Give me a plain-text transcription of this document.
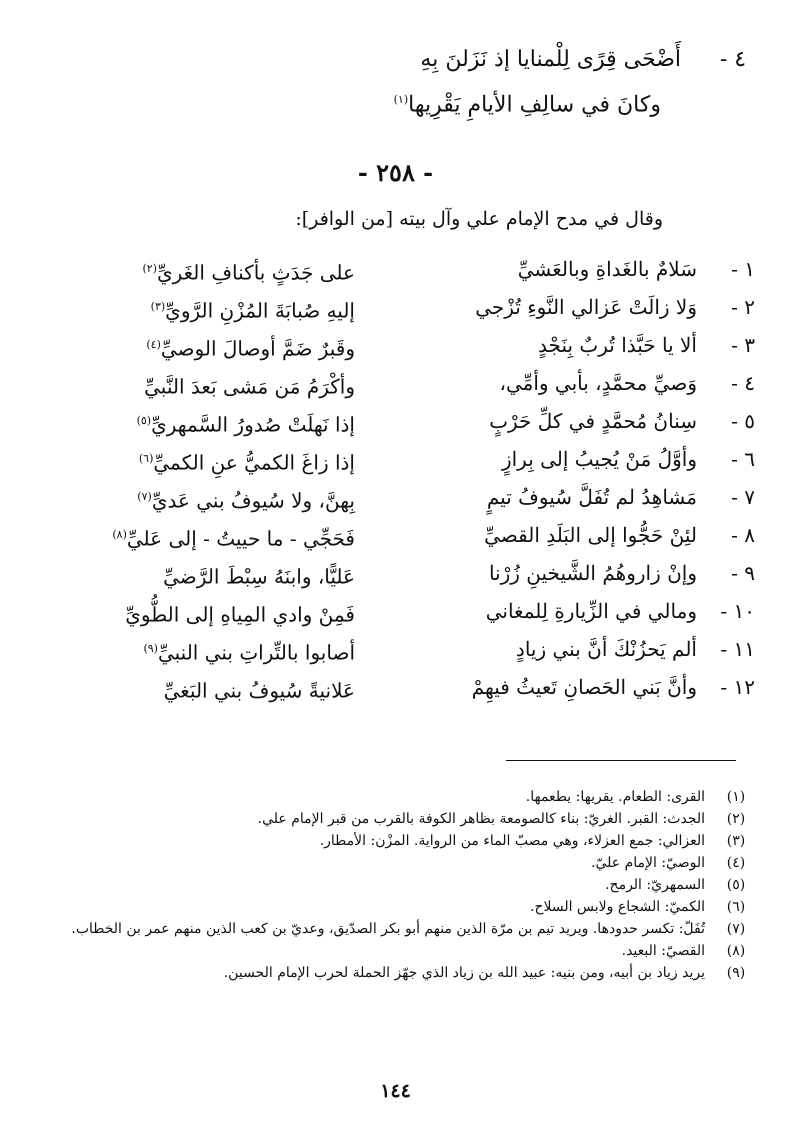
٤ -
أَضْحَى قِرًى لِلْمنايا إذ نَزَلنَ بِهِ
وكانَ في سالِفِ الأيامِ يَقْرِيها$^{(١)}$
- ٢٥٨ -
وقال في مدح الإمام علي وآل بيته [من الوافر]:
١ -
سَلامٌ بالغَداةِ وبالعَشيِّ
على جَدَثٍ بأكنافِ الغَريِّ$^{(٢)}$
٢ -
وَلا زالَتْ عَزالي النَّوءِ تُزْجي
إليهِ صُبابَةَ المُزْنِ الرَّويِّ$^{(٣)}$
٣ -
ألا يا حَبَّذا تُربٌ بِنَجْدٍ
وقَبرٌ ضَمَّ أوصالَ الوصيِّ$^{(٤)}$
٤ -
وَصيِّ محمَّدٍ، بأبي وأمِّي،
وأكْرَمُ مَن مَشى بَعدَ النَّبيِّ
٥ -
سِنانُ مُحمَّدٍ في كلِّ حَرْبٍ
إذا نَهلَتْ صُدورُ السَّمهريِّ$^{(٥)}$
٦ -
وأوَّلُ مَنْ يُجيبُ إلى بِرازٍ
إذا زاغَ الكميُّ عنِ الكميِّ$^{(٦)}$
٧ -
مَشاهِدُ لم تُفَلَّ سُيوفُ تيمٍ
بِهنَّ، ولا سُيوفُ بني عَديِّ$^{(٧)}$
٨ -
لئِنْ حَجُّوا إلى البَلَدِ القصيِّ
فَحَجِّي - ما حييتُ - إلى عَليِّ$^{(٨)}$
٩ -
وإنْ زاروهُمُ الشَّيخينِ زُرْنا
عَليًّا، وابنَهُ سِبْطَ الرَّضيِّ
١٠ -
ومالي في الزِّيارةِ لِلمغاني
فَمِنْ وادي المِياهِ إلى الطُّويِّ
١١ -
ألم يَحزُنْكَ أنَّ بني زيادٍ
أصابوا بالتِّراتِ بني النبيِّ$^{(٩)}$
١٢ -
وأنَّ بَني الحَصانِ تَعيثُ فيهِمْ
عَلانيةً سُيوفُ بني البَغيِّ
(١)
القرى: الطعام. يقريها: يطعمها.
(٢)
الجدث: القبر. الغريّ: بناء كالصومعة بظاهر الكوفة بالقرب من قبر الإمام علي.
(٣)
العزالي: جمع العزلاء، وهي مصبّ الماء من الرواية. المزْن: الأمطار.
(٤)
الوصيّ: الإمام عليّ.
(٥)
السمهريّ: الرمح.
(٦)
الكميّ: الشجاع ولابس السلاح.
(٧)
تُفَلّ: تكسر حدودها. ويريد تيم بن مرّة الذين منهم أبو بكر الصدّيق، وعديّ بن كعب الذين منهم عمر بن الخطاب.
(٨)
القصيّ: البعيد.
(٩)
يريد زياد بن أبيه، ومن بنيه: عبيد الله بن زياد الذي جهّز الحملة لحرب الإمام الحسين.
١٤٤
